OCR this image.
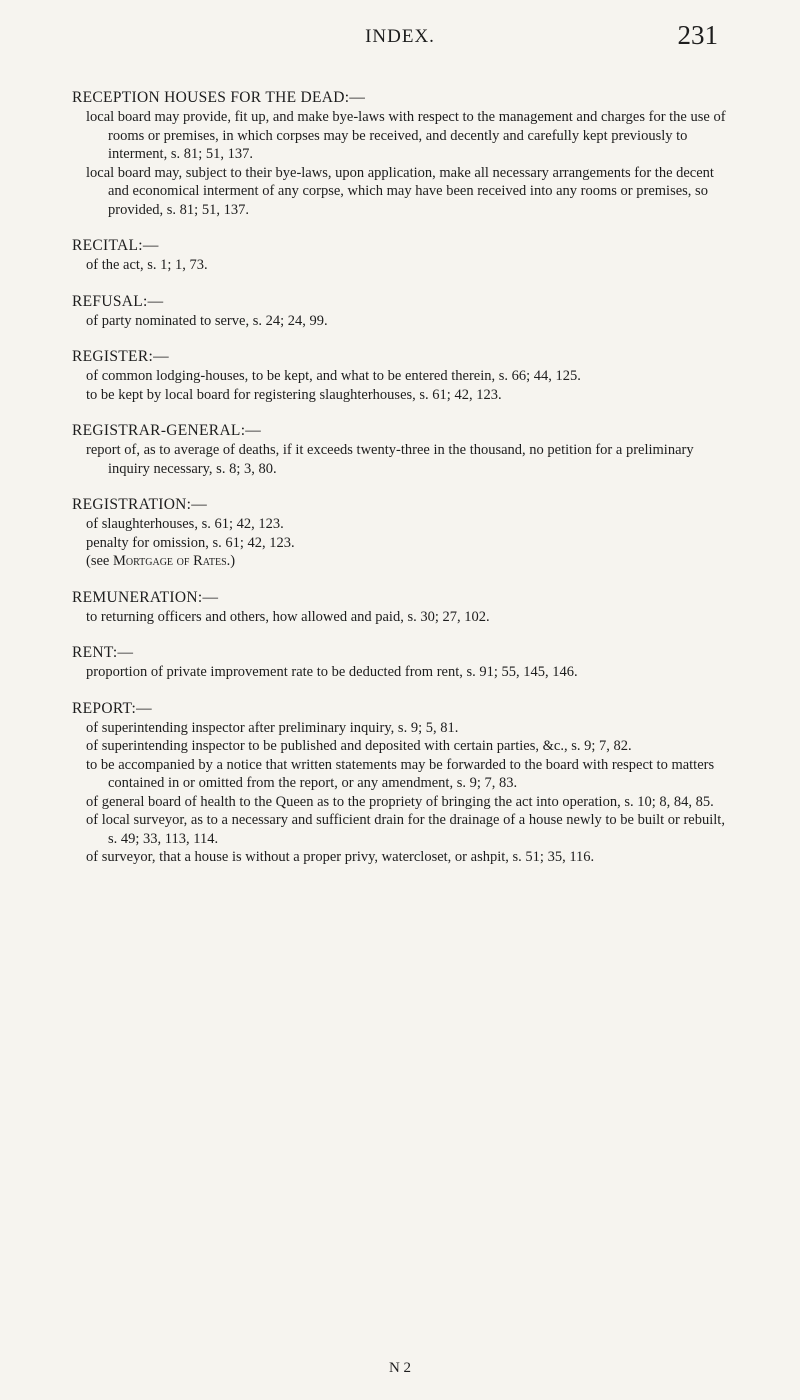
INDEX.	231
RECEPTION HOUSES FOR THE DEAD:—
local board may provide, fit up, and make bye-laws with respect to the management and charges for the use of rooms or premises, in which corpses may be received, and decently and carefully kept previously to interment, s. 81; 51, 137.
local board may, subject to their bye-laws, upon application, make all necessary arrangements for the decent and economical interment of any corpse, which may have been received into any rooms or premises, so provided, s. 81; 51, 137.
RECITAL:—
of the act, s. 1; 1, 73.
REFUSAL:—
of party nominated to serve, s. 24; 24, 99.
REGISTER:—
of common lodging-houses, to be kept, and what to be entered therein, s. 66; 44, 125.
to be kept by local board for registering slaughterhouses, s. 61; 42, 123.
REGISTRAR-GENERAL:—
report of, as to average of deaths, if it exceeds twenty-three in the thousand, no petition for a preliminary inquiry necessary, s. 8; 3, 80.
REGISTRATION:—
of slaughterhouses, s. 61; 42, 123.
penalty for omission, s. 61; 42, 123.
(see Mortgage of Rates.)
REMUNERATION:—
to returning officers and others, how allowed and paid, s. 30; 27, 102.
RENT:—
proportion of private improvement rate to be deducted from rent, s. 91; 55, 145, 146.
REPORT:—
of superintending inspector after preliminary inquiry, s. 9; 5, 81.
of superintending inspector to be published and deposited with certain parties, &c., s. 9; 7, 82.
to be accompanied by a notice that written statements may be forwarded to the board with respect to matters contained in or omitted from the report, or any amendment, s. 9; 7, 83.
of general board of health to the Queen as to the propriety of bringing the act into operation, s. 10; 8, 84, 85.
of local surveyor, as to a necessary and sufficient drain for the drainage of a house newly to be built or rebuilt, s. 49; 33, 113, 114.
of surveyor, that a house is without a proper privy, watercloset, or ashpit, s. 51; 35, 116.
N 2
